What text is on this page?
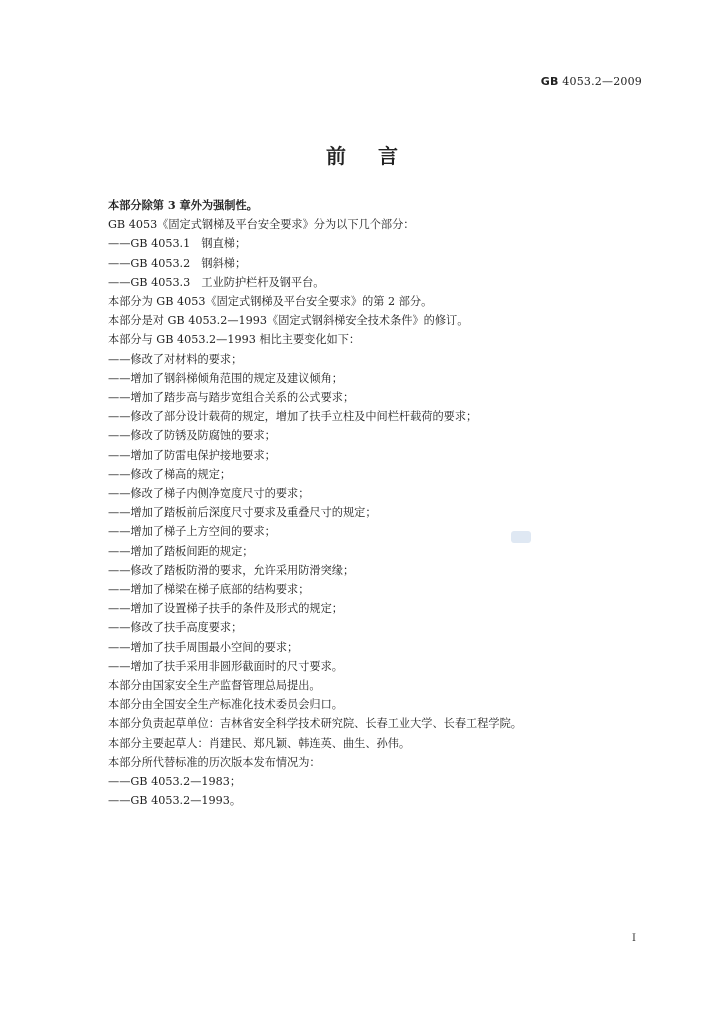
GB 4053.2—2009
前言
本部分除第 3 章外为强制性。
GB 4053《固定式钢梯及平台安全要求》分为以下几个部分：
——GB 4053.1　钢直梯；
——GB 4053.2　钢斜梯；
——GB 4053.3　工业防护栏杆及钢平台。
本部分为 GB 4053《固定式钢梯及平台安全要求》的第 2 部分。
本部分是对 GB 4053.2—1993《固定式钢斜梯安全技术条件》的修订。
本部分与 GB 4053.2—1993 相比主要变化如下：
——修改了对材料的要求；
——增加了钢斜梯倾角范围的规定及建议倾角；
——增加了踏步高与踏步宽组合关系的公式要求；
——修改了部分设计载荷的规定，增加了扶手立柱及中间栏杆载荷的要求；
——修改了防锈及防腐蚀的要求；
——增加了防雷电保护接地要求；
——修改了梯高的规定；
——修改了梯子内侧净宽度尺寸的要求；
——增加了踏板前后深度尺寸要求及重叠尺寸的规定；
——增加了梯子上方空间的要求；
——增加了踏板间距的规定；
——修改了踏板防滑的要求，允许采用防滑突缘；
——增加了梯梁在梯子底部的结构要求；
——增加了设置梯子扶手的条件及形式的规定；
——修改了扶手高度要求；
——增加了扶手周围最小空间的要求；
——增加了扶手采用非圆形截面时的尺寸要求。
本部分由国家安全生产监督管理总局提出。
本部分由全国安全生产标准化技术委员会归口。
本部分负责起草单位：吉林省安全科学技术研究院、长春工业大学、长春工程学院。
本部分主要起草人：肖建民、郑凡颖、韩连英、曲生、孙伟。
本部分所代替标准的历次版本发布情况为：
——GB 4053.2—1983；
——GB 4053.2—1993。
I
